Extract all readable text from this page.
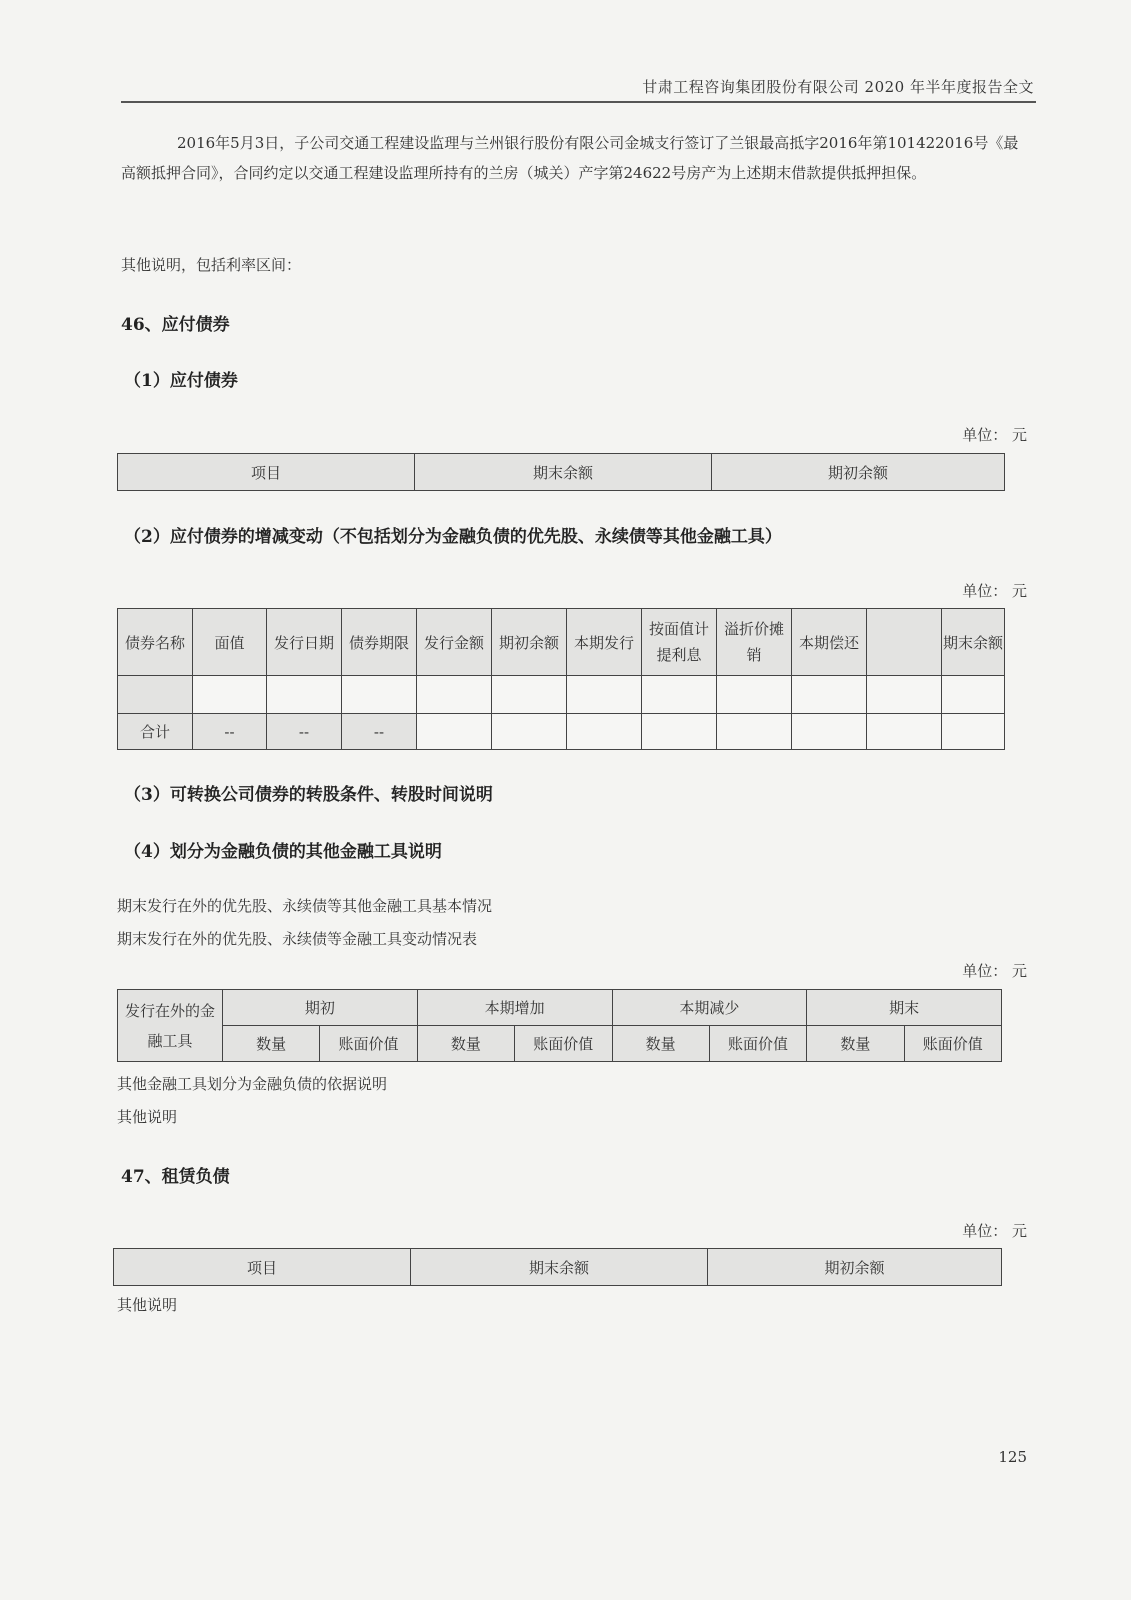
甘肃工程咨询集团股份有限公司 2020 年半年度报告全文
2016年5月3日，子公司交通工程建设监理与兰州银行股份有限公司金城支行签订了兰银最高抵字2016年第101422016号《最高额抵押合同》，合同约定以交通工程建设监理所持有的兰房（城关）产字第24622号房产为上述期末借款提供抵押担保。
其他说明，包括利率区间：
46、应付债券
（1）应付债券
单位： 元
项目	期末余额	期初余额
（2）应付债券的增减变动（不包括划分为金融负债的优先股、永续债等其他金融工具）
单位： 元
债券名称	面值	发行日期	债券期限	发行金额	期初余额	本期发行	按面值计提利息	溢折价摊销	本期偿还		期末余额

合计	--	--	--								
（3）可转换公司债券的转股条件、转股时间说明
（4）划分为金融负债的其他金融工具说明
期末发行在外的优先股、永续债等其他金融工具基本情况
期末发行在外的优先股、永续债等金融工具变动情况表
单位： 元
发行在外的金融工具	期初		本期增加		本期减少		期末	
	数量	账面价值	数量	账面价值	数量	账面价值	数量	账面价值
其他金融工具划分为金融负债的依据说明
其他说明
47、租赁负债
单位： 元
项目	期末余额	期初余额
其他说明
125
